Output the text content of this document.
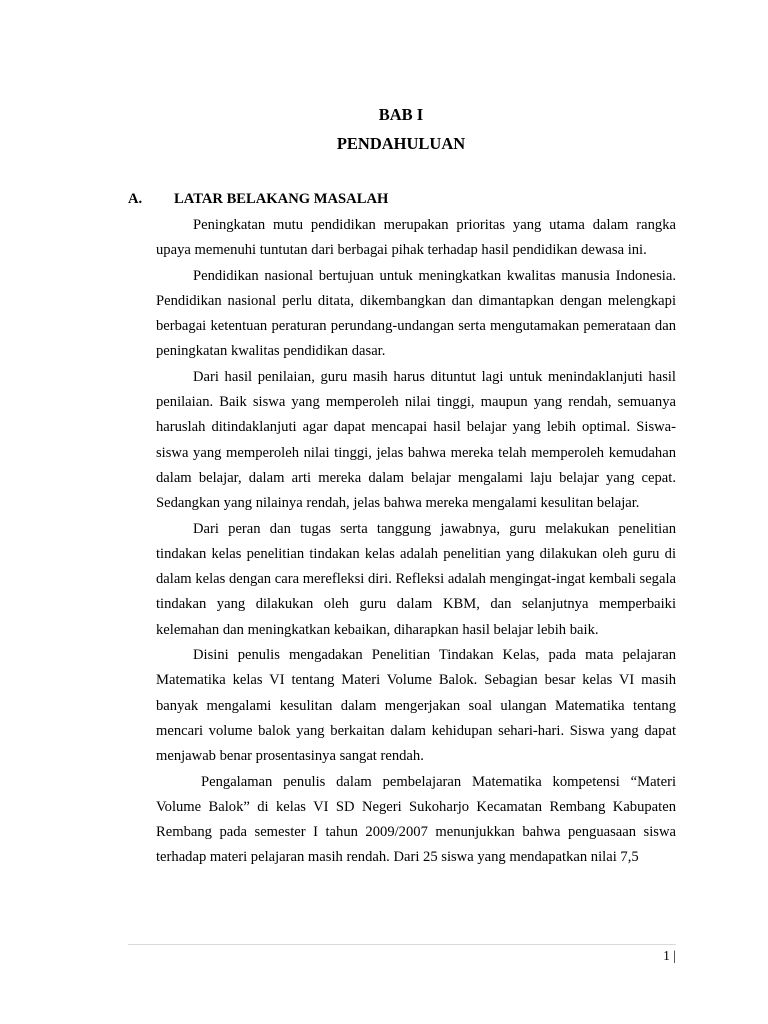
BAB I
PENDAHULUAN
A. LATAR BELAKANG MASALAH

Peningkatan mutu pendidikan merupakan prioritas yang utama dalam rangka upaya memenuhi tuntutan dari berbagai pihak terhadap hasil pendidikan dewasa ini.

Pendidikan nasional bertujuan untuk meningkatkan kwalitas manusia Indonesia. Pendidikan nasional perlu ditata, dikembangkan dan dimantapkan dengan melengkapi berbagai ketentuan peraturan perundang-undangan serta mengutamakan pemerataan dan peningkatan kwalitas pendidikan dasar.

Dari hasil penilaian, guru masih harus dituntut lagi untuk menindaklanjuti hasil penilaian. Baik siswa yang memperoleh nilai tinggi, maupun yang rendah, semuanya haruslah ditindaklanjuti agar dapat mencapai hasil belajar yang lebih optimal. Siswa-siswa yang memperoleh nilai tinggi, jelas bahwa mereka telah memperoleh kemudahan dalam belajar, dalam arti mereka dalam belajar mengalami laju belajar yang cepat. Sedangkan yang nilainya rendah, jelas bahwa mereka mengalami kesulitan belajar.

Dari peran dan tugas serta tanggung jawabnya, guru melakukan penelitian tindakan kelas penelitian tindakan kelas adalah penelitian yang dilakukan oleh guru di dalam kelas dengan cara merefleksi diri. Refleksi adalah mengingat-ingat kembali segala tindakan yang dilakukan oleh guru dalam KBM, dan selanjutnya memperbaiki kelemahan dan meningkatkan kebaikan, diharapkan hasil belajar lebih baik.

Disini penulis mengadakan Penelitian Tindakan Kelas, pada mata pelajaran Matematika kelas VI tentang Materi Volume Balok. Sebagian besar kelas VI masih banyak mengalami kesulitan dalam mengerjakan soal ulangan Matematika tentang mencari volume balok yang berkaitan dalam kehidupan sehari-hari. Siswa yang dapat menjawab benar prosentasinya sangat rendah.

Pengalaman penulis dalam pembelajaran Matematika kompetensi “Materi Volume Balok” di kelas VI SD Negeri Sukoharjo Kecamatan Rembang Kabupaten Rembang pada semester I tahun 2009/2007 menunjukkan bahwa penguasaan siswa terhadap materi pelajaran masih rendah. Dari 25 siswa yang mendapatkan nilai 7,5

1 |
